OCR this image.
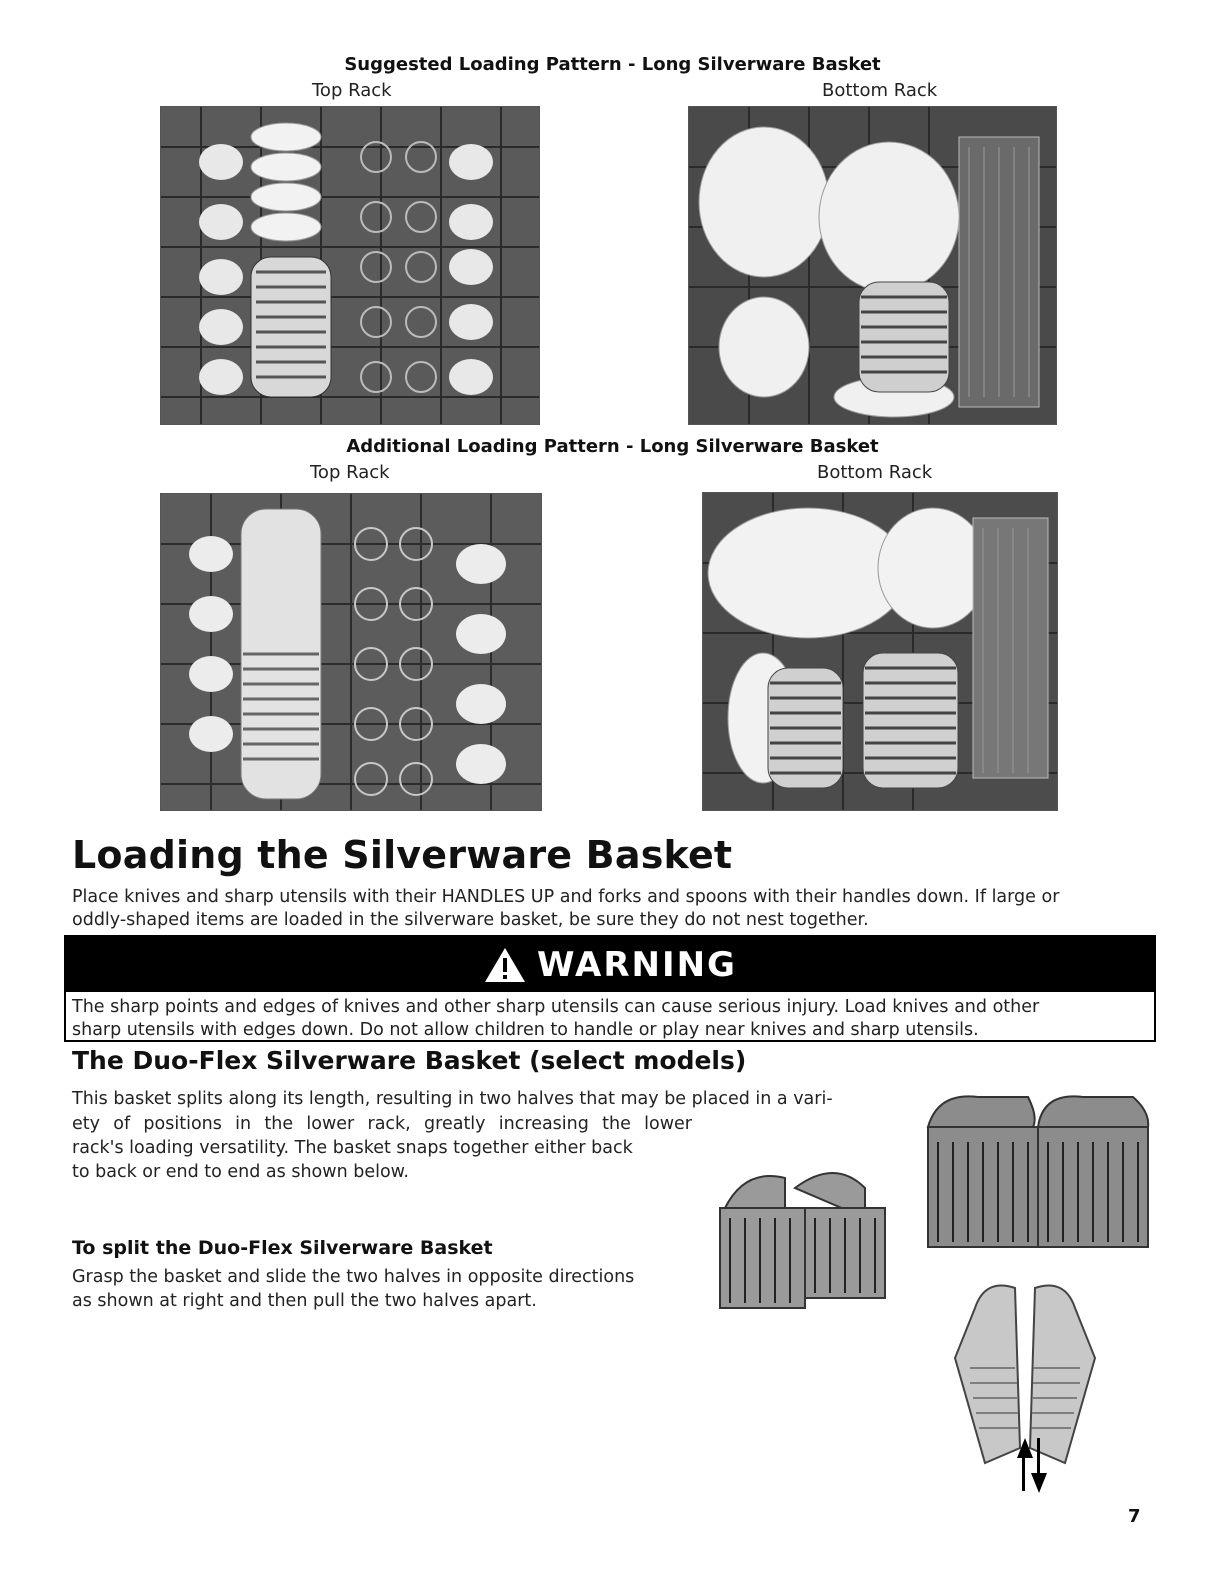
Suggested Loading Pattern - Long Silverware Basket
Top Rack	Bottom Rack
Additional Loading Pattern - Long Silverware Basket
Top Rack	Bottom Rack
Loading the Silverware Basket
Place knives and sharp utensils with their HANDLES UP and forks and spoons with their handles down. If large or
oddly-shaped items are loaded in the silverware basket, be sure they do not nest together.
WARNING
The sharp points and edges of knives and other sharp utensils can cause serious injury. Load knives and other
sharp utensils with edges down. Do not allow children to handle or play near knives and sharp utensils.
The Duo-Flex Silverware Basket (select models)
This basket splits along its length, resulting in two halves that may be placed in a vari-
ety of positions in the lower rack, greatly increasing the lower
rack's loading versatility. The basket snaps together either back
to back or end to end as shown below.
To split the Duo-Flex Silverware Basket
Grasp the basket and slide the two halves in opposite directions
as shown at right and then pull the two halves apart.
7
